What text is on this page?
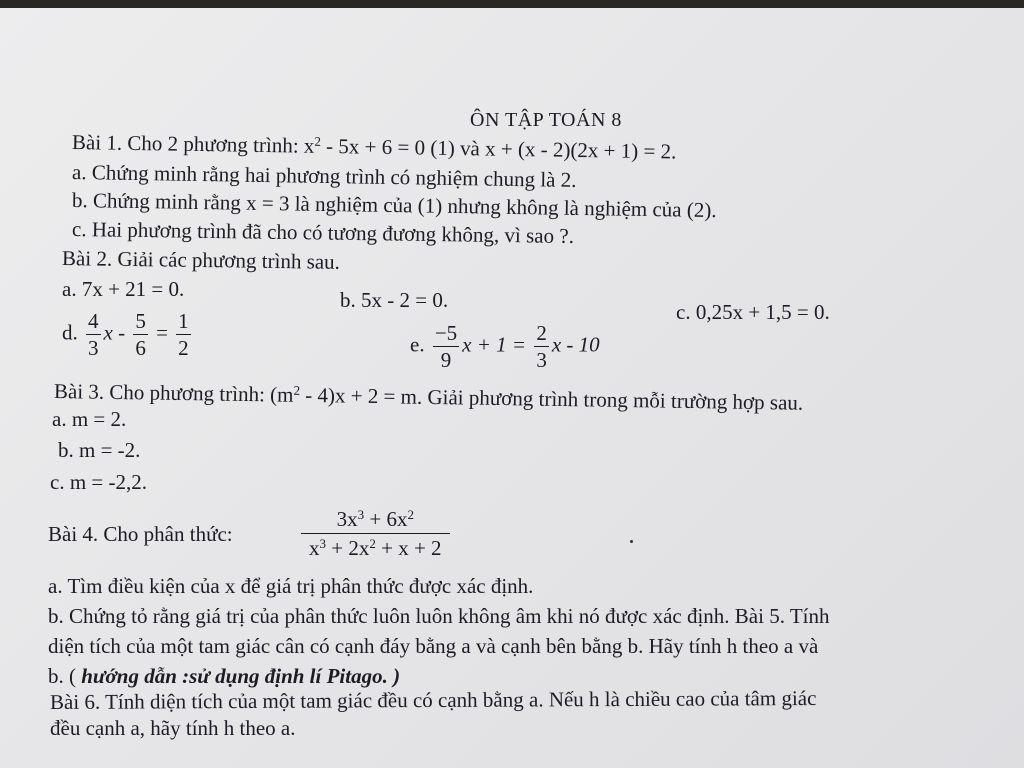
ÔN TẬP TOÁN 8
Bài 1. Cho 2 phương trình: $x^2 - 5x + 6 = 0$ (1) và x + (x - 2)(2x + 1) = 2.
a. Chứng minh rằng hai phương trình có nghiệm chung là 2.
b. Chứng minh rằng x = 3 là nghiệm của (1) nhưng không là nghiệm của (2).
c. Hai phương trình đã cho có tương đương không, vì sao ?.
Bài 2. Giải các phương trình sau.
a. 7x + 21 = 0.	b. 5x - 2 = 0.	c. 0,25x + 1,5 = 0.
d. $\frac{4}{3}$ $x - \frac{5}{6} = \frac{1}{2}$	e. $\frac{-5}{9}$ $x + 1 = \frac{2}{3}$ x - 10
Bài 3. Cho phương trình: $(m^2 - 4)x + 2 = m$. Giải phương trình trong mỗi trường hợp sau.
a. m = 2.
b. m = -2.
c. m = -2,2.
Bài 4. Cho phân thức:	$\frac{3x^3 + 6x^2}{x^3 + 2x^2 + x + 2}$
a. Tìm điều kiện của x để giá trị phân thức được xác định.
b. Chứng tỏ rằng giá trị của phân thức luôn luôn không âm khi nó được xác định. Bài 5. Tính
diện tích của một tam giác cân có cạnh đáy bằng a và cạnh bên bằng b. Hãy tính h theo a và
b. ( hướng dẫn :sử dụng định lí Pitago. )
Bài 6. Tính diện tích của một tam giác đều có cạnh bằng a. Nếu h là chiều cao của tâm giác
đều cạnh a, hãy tính h theo a.
